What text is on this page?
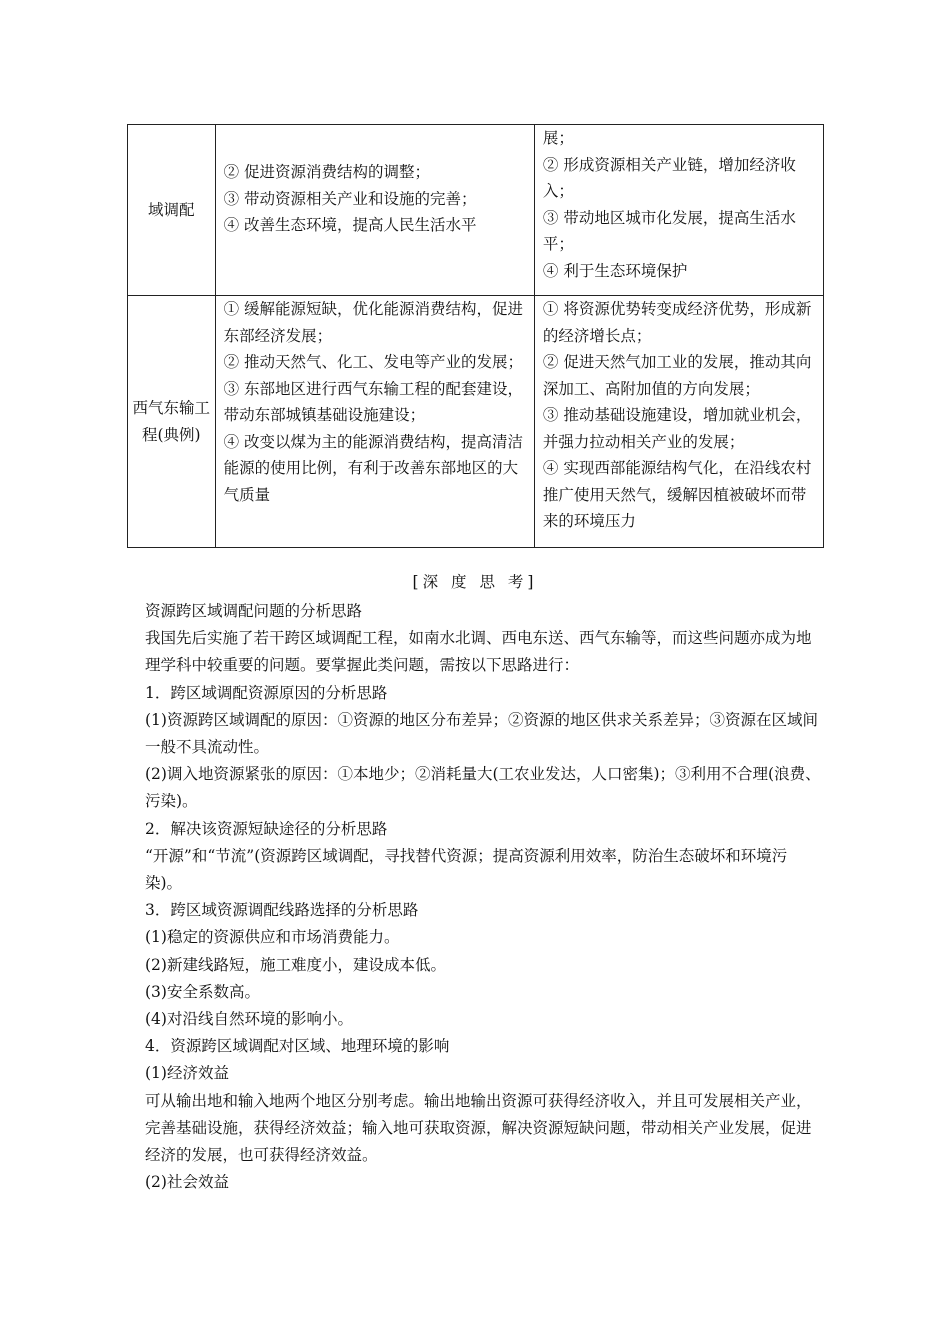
域调配	② 促进资源消费结构的调整；
③ 带动资源相关产业和设施的完善；
④ 改善生态环境，提高人民生活水平	展；
② 形成资源相关产业链，增加经济收入；
③ 带动地区城市化发展，提高生活水平；
④ 利于生态环境保护

西气东输工程(典例)	① 缓解能源短缺，优化能源消费结构，促进东部经济发展；
② 推动天然气、化工、发电等产业的发展；
③ 东部地区进行西气东输工程的配套建设，带动东部城镇基础设施建设；
④ 改变以煤为主的能源消费结构，提高清洁能源的使用比例，有利于改善东部地区的大气质量	① 将资源优势转变成经济优势，形成新的经济增长点；
② 促进天然气加工业的发展，推动其向深加工、高附加值的方向发展；
③ 推动基础设施建设，增加就业机会，并强力拉动相关产业的发展；
④ 实现西部能源结构气化，在沿线农村推广使用天然气，缓解因植被破坏而带来的环境压力
[深 度 思 考]

资源跨区域调配问题的分析思路

我国先后实施了若干跨区域调配工程，如南水北调、西电东送、西气东输等，而这些问题亦成为地理学科中较重要的问题。要掌握此类问题，需按以下思路进行：

1．跨区域调配资源原因的分析思路

(1)资源跨区域调配的原因：①资源的地区分布差异；②资源的地区供求关系差异；③资源在区域间一般不具流动性。

(2)调入地资源紧张的原因：①本地少；②消耗量大(工农业发达，人口密集)；③利用不合理(浪费、污染)。

2．解决该资源短缺途径的分析思路

“开源”和“节流”(资源跨区域调配，寻找替代资源；提高资源利用效率，防治生态破坏和环境污染)。

3．跨区域资源调配线路选择的分析思路

(1)稳定的资源供应和市场消费能力。

(2)新建线路短，施工难度小，建设成本低。

(3)安全系数高。

(4)对沿线自然环境的影响小。

4．资源跨区域调配对区域、地理环境的影响

(1)经济效益

可从输出地和输入地两个地区分别考虑。输出地输出资源可获得经济收入，并且可发展相关产业，完善基础设施，获得经济效益；输入地可获取资源，解决资源短缺问题，带动相关产业发展，促进经济的发展，也可获得经济效益。

(2)社会效益
